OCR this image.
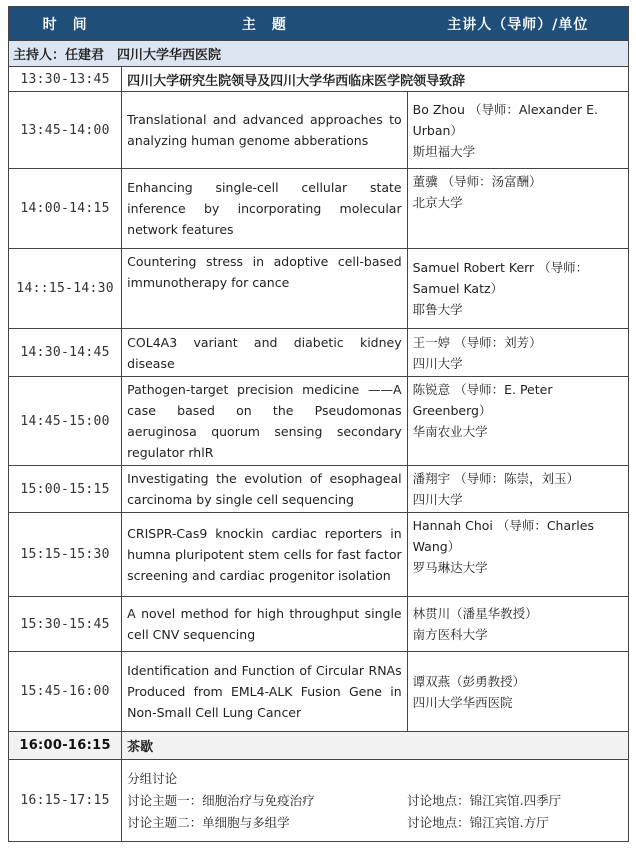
时　间	主　题	主讲人（导师）/单位
主持人：任建君　四川大学华西医院		
13:30-13:45	四川大学研究生院领导及四川大学华西临床医学院领导致辞	
13:45-14:00	Translational and advanced approaches to analyzing human genome abberations	Bo Zhou （导师：Alexander E. Urban）
斯坦福大学

14:00-14:15	Enhancing single-cell cellular state inference by incorporating molecular network features	董骥 （导师：汤富酬）
北京大学

14::15-14:30	Countering stress in adoptive cell-based immunotherapy for cance	Samuel Robert Kerr （导师：Samuel Katz）
耶鲁大学

14:30-14:45	COL4A3 variant and diabetic kidney disease	王一婷 （导师：刘芳）
四川大学

14:45-15:00	Pathogen-target precision medicine ——A case based on the Pseudomonas aeruginosa quorum sensing secondary regulator rhlR	陈锐意 （导师：E. Peter Greenberg）
华南农业大学

15:00-15:15	Investigating the evolution of esophageal carcinoma by single cell sequencing	潘翔宇 （导师：陈崇，刘玉）
四川大学

15:15-15:30	CRISPR-Cas9 knockin cardiac reporters in humna pluripotent stem cells for fast factor screening and cardiac progenitor isolation	Hannah Choi （导师：Charles Wang）
罗马琳达大学

15:30-15:45	A novel method for high throughput single cell CNV sequencing	林贯川（潘星华教授）
南方医科大学

15:45-16:00	Identification and Function of Circular RNAs Produced from EML4-ALK Fusion Gene in Non-Small Cell Lung Cancer	谭双燕（彭勇教授）
四川大学华西医院

16:00-16:15	茶歇	
16:15-17:15	分组讨论
讨论主题一：细胞治疗与免疫治疗 讨论地点：锦江宾馆.四季厅
讨论主题二：单细胞与多组学 讨论地点：锦江宾馆.方厅	
